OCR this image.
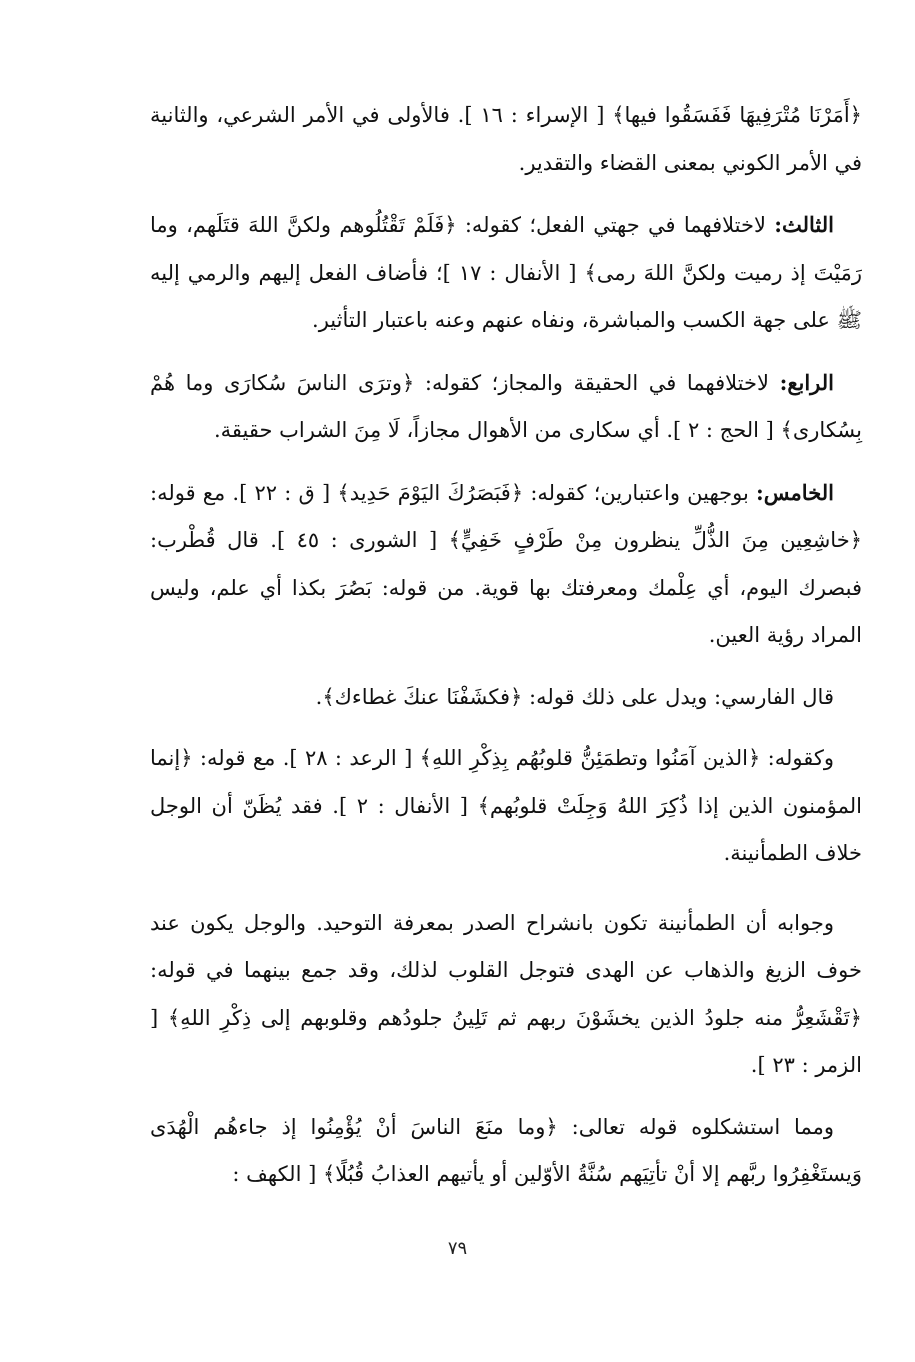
﴿أَمَرْنَا مُتْرَفِيهَا فَفَسَقُوا فيها﴾ [ الإسراء : ١٦ ]. فالأولى في الأمر الشرعي، والثانية في الأمر الكوني بمعنى القضاء والتقدير.

الثالث: لاختلافهما في جهتي الفعل؛ كقوله: ﴿فَلَمْ تَقْتُلُوهم ولكنَّ اللهَ قتَلَهم، وما رَمَيْتَ إذ رميت ولكنَّ اللهَ رمى﴾ [ الأنفال : ١٧ ]؛ فأضاف الفعل إليهم والرمي إليه ﷺ على جهة الكسب والمباشرة، ونفاه عنهم وعنه باعتبار التأثير.

الرابع: لاختلافهما في الحقيقة والمجاز؛ كقوله: ﴿وترَى الناسَ سُكارَى وما هُمْ بِسُكارى﴾ [ الحج : ٢ ]. أي سكارى من الأهوال مجازاً، لَا مِنَ الشراب حقيقة.

الخامس: بوجهين واعتبارين؛ كقوله: ﴿فَبَصَرُكَ اليَوْمَ حَدِيد﴾ [ ق : ٢٢ ]. مع قوله: ﴿خاشِعِين مِنَ الذُّلِّ ينظرون مِنْ طَرْفٍ خَفِيٍّ﴾ [ الشورى : ٤٥ ]. قال قُطْرب: فبصرك اليوم، أي عِلْمك ومعرفتك بها قوية. من قوله: بَصُرَ بكذا أي علم، وليس المراد رؤية العين.

قال الفارسي: ويدل على ذلك قوله: ﴿فكشَفْنَا عنكَ غطاءك﴾.

وكقوله: ﴿الذين آمَنُوا وتطمَئِنُّ قلوبُهُم بِذِكْرِ اللهِ﴾ [ الرعد : ٢٨ ]. مع قوله: ﴿إنما المؤمنون الذين إذا ذُكِرَ اللهُ وَجِلَتْ قلوبُهم﴾ [ الأنفال : ٢ ]. فقد يُظَنّ أن الوجل خلاف الطمأنينة.

وجوابه أن الطمأنينة تكون بانشراح الصدر بمعرفة التوحيد. والوجل يكون عند خوف الزيغ والذهاب عن الهدى فتوجل القلوب لذلك، وقد جمع بينهما في قوله: ﴿تَقْشَعِرُّ منه جلودُ الذين يخشَوْنَ ربهم ثم تَلِينُ جلودُهم وقلوبهم إلى ذِكْرِ اللهِ﴾ [ الزمر : ٢٣ ].

ومما استشكلوه قوله تعالى: ﴿وما منَعَ الناسَ أنْ يُؤْمِنُوا إذ جاءهُم الْهُدَى وَيستَغْفِرُوا ربَّهم إلا أنْ تأتِيَهم سُنَّةُ الأوّلين أو يأتيهم العذابُ قُبُلًا﴾ [ الكهف :

٧٩
